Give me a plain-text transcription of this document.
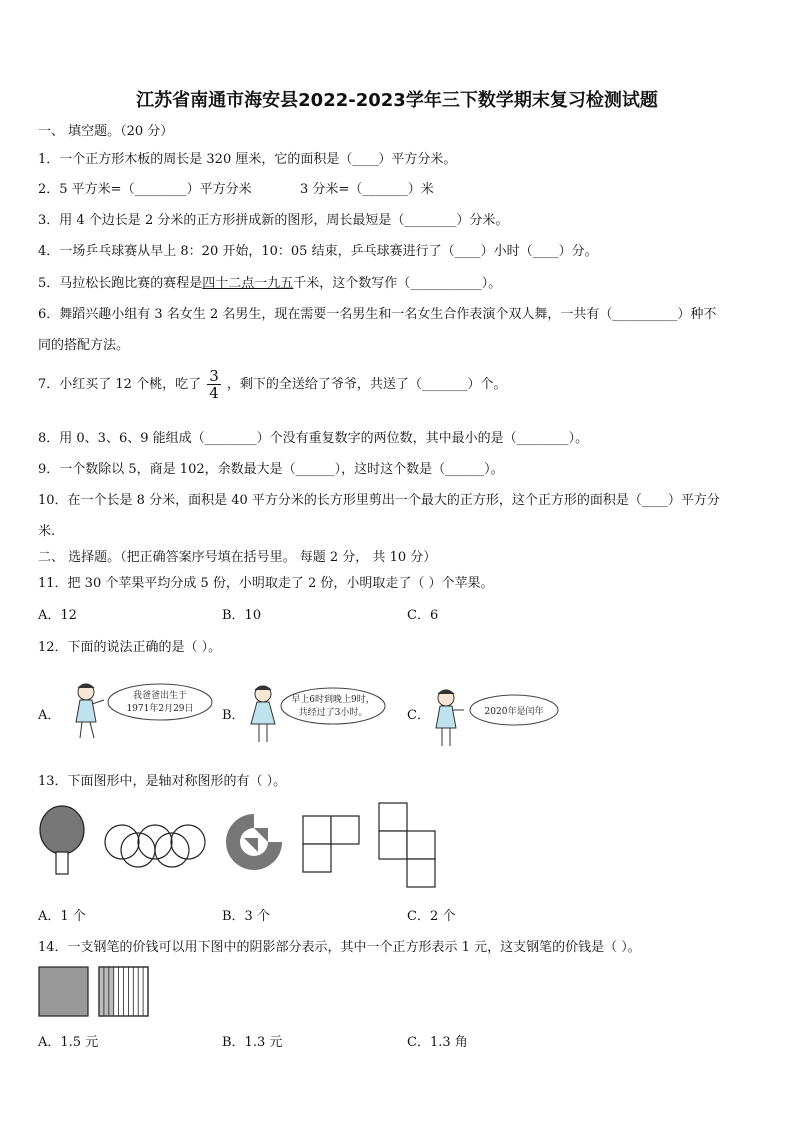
江苏省南通市海安县2022-2023学年三下数学期末复习检测试题
一、 填空题。（20 分）
1．一个正方形木板的周长是 320 厘米，它的面积是（____）平方分米。
2．5 平方米=（________）平方分米	3 分米=（_______）米
3．用 4 个边长是 2 分米的正方形拼成新的图形，周长最短是（________）分米。
4．一场乒乓球赛从早上 8：20 开始，10：05 结束，乒乓球赛进行了（____）小时（____）分。
5．马拉松长跑比赛的赛程是四十二点一九五千米，这个数写作（___________）。
6．舞蹈兴趣小组有 3 名女生 2 名男生，现在需要一名男生和一名女生合作表演个双人舞，一共有（__________）种不
同的搭配方法。
7．小红买了 12 个桃，吃了 $\frac{3}{4}$ ，剩下的全送给了爷爷，共送了（_______）个。
8．用 0、3、6、9 能组成（________）个没有重复数字的两位数，其中最小的是（________）。
9．一个数除以 5，商是 102，余数最大是（______），这时这个数是（______）。
10．在一个长是 8 分米，面积是 40 平方分米的长方形里剪出一个最大的正方形，这个正方形的面积是（____）平方分
米.
二、 选择题。（把正确答案序号填在括号里。 每题 2 分， 共 10 分）
11．把 30 个苹果平均分成 5 份，小明取走了 2 份，小明取走了（ ）个苹果。
A．12	B．10	C．6
12．下面的说法正确的是（ ）。
A．	B．	C．
我爸爸出生于
1971年2月29日
早上6时到晚上9时，
共经过了3小时。	2020年是闰年
13．下面图形中，是轴对称图形的有（ ）。
A．1 个	B．3 个	C．2 个
14．一支钢笔的价钱可以用下图中的阴影部分表示，其中一个正方形表示 1 元，这支钢笔的价钱是（ ）。
A．1.5 元	B．1.3 元	C．1.3 角
